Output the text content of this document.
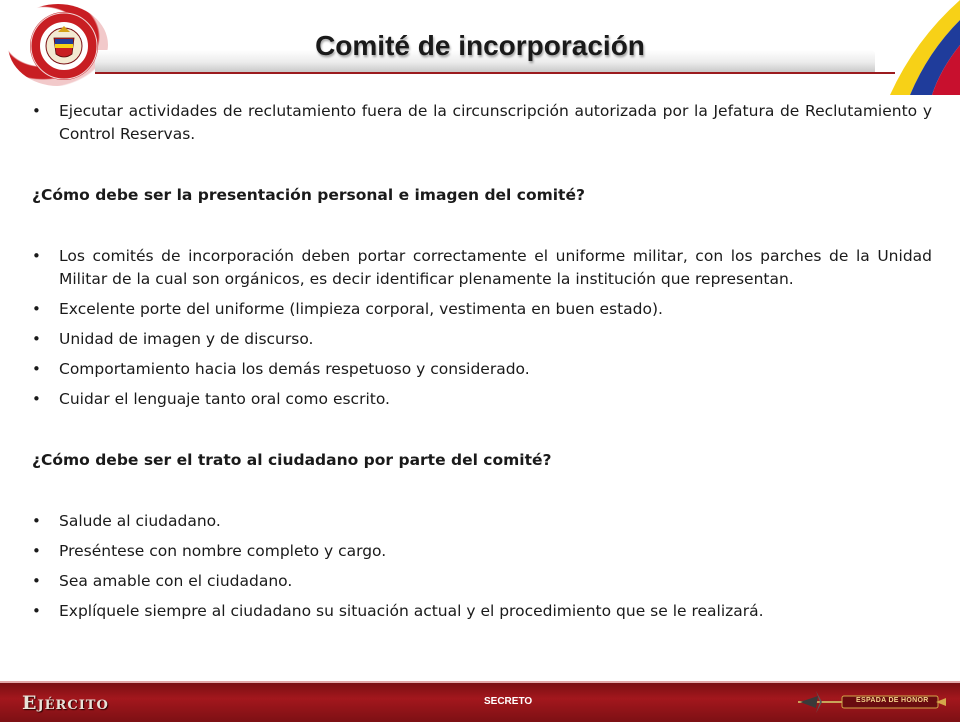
Comité de incorporación

• Ejecutar actividades de reclutamiento fuera de la circunscripción autorizada por la Jefatura de Reclutamiento y Control Reservas.

¿Cómo debe ser la presentación personal e imagen del comité?

• Los comités de incorporación deben portar correctamente el uniforme militar, con los parches de la Unidad Militar de la cual son orgánicos, es decir identificar plenamente la institución que representan.

• Excelente porte del uniforme (limpieza corporal, vestimenta en buen estado).

• Unidad de imagen y de discurso.

• Comportamiento hacia los demás respetuoso y considerado.

• Cuidar el lenguaje tanto oral como escrito.

¿Cómo debe ser el trato al ciudadano por parte del comité?

• Salude al ciudadano.

• Preséntese con nombre completo y cargo.

• Sea amable con el ciudadano.

• Explíquele siempre al ciudadano su situación actual y el procedimiento que se le realizará.

Ejército	SECRETO	ESPADA DE HONOR
